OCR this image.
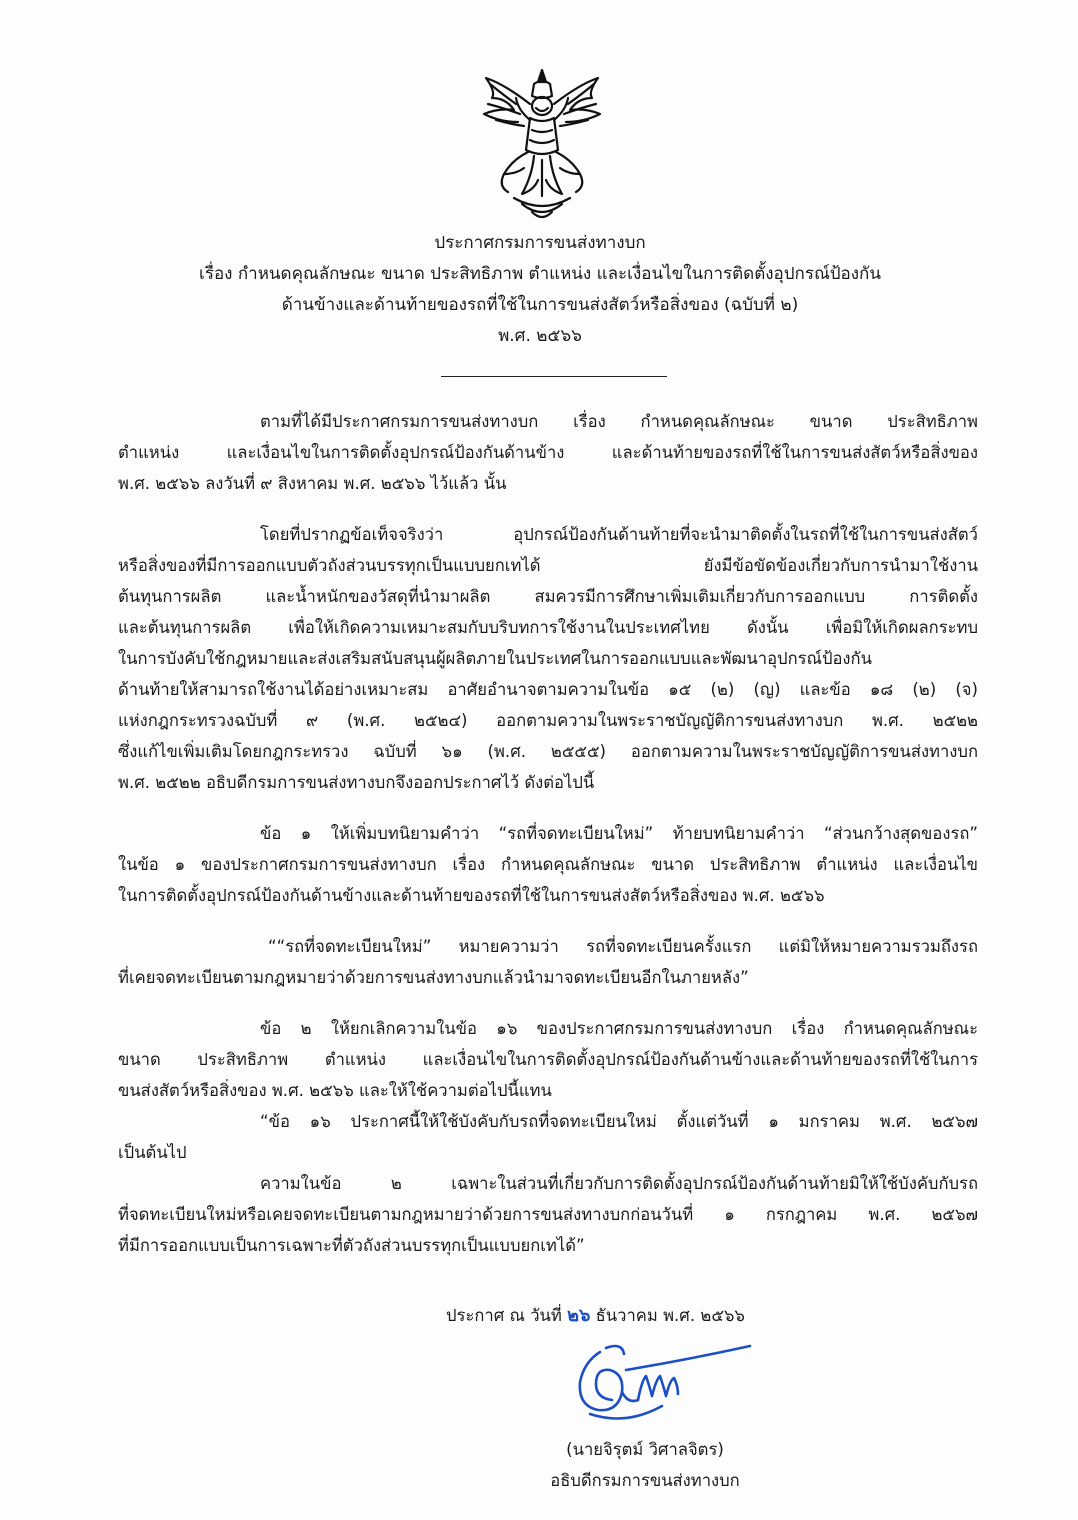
ประกาศกรมการขนส่งทางบก
เรื่อง กำหนดคุณลักษณะ ขนาด ประสิทธิภาพ ตำแหน่ง และเงื่อนไขในการติดตั้งอุปกรณ์ป้องกัน
ด้านข้างและด้านท้ายของรถที่ใช้ในการขนส่งสัตว์หรือสิ่งของ (ฉบับที่ ๒)
พ.ศ. ๒๕๖๖
ตามที่ได้มีประกาศกรมการขนส่งทางบก เรื่อง กำหนดคุณลักษณะ ขนาด ประสิทธิภาพ
ตำแหน่ง และเงื่อนไขในการติดตั้งอุปกรณ์ป้องกันด้านข้าง และด้านท้ายของรถที่ใช้ในการขนส่งสัตว์หรือสิ่งของ
พ.ศ. ๒๕๖๖ ลงวันที่ ๙ สิงหาคม พ.ศ. ๒๕๖๖ ไว้แล้ว นั้น
โดยที่ปรากฏข้อเท็จจริงว่า อุปกรณ์ป้องกันด้านท้ายที่จะนำมาติดตั้งในรถที่ใช้ในการขนส่งสัตว์
หรือสิ่งของที่มีการออกแบบตัวถังส่วนบรรทุกเป็นแบบยกเทได้ ยังมีข้อขัดข้องเกี่ยวกับการนำมาใช้งาน
ต้นทุนการผลิต และน้ำหนักของวัสดุที่นำมาผลิต สมควรมีการศึกษาเพิ่มเติมเกี่ยวกับการออกแบบ การติดตั้ง
และต้นทุนการผลิต เพื่อให้เกิดความเหมาะสมกับบริบทการใช้งานในประเทศไทย ดังนั้น เพื่อมิให้เกิดผลกระทบ
ในการบังคับใช้กฎหมายและส่งเสริมสนับสนุนผู้ผลิตภายในประเทศในการออกแบบและพัฒนาอุปกรณ์ป้องกัน
ด้านท้ายให้สามารถใช้งานได้อย่างเหมาะสม อาศัยอำนาจตามความในข้อ ๑๕ (๒) (ญ) และข้อ ๑๘ (๒) (จ)
แห่งกฎกระทรวงฉบับที่ ๙ (พ.ศ. ๒๕๒๔) ออกตามความในพระราชบัญญัติการขนส่งทางบก พ.ศ. ๒๕๒๒
ซึ่งแก้ไขเพิ่มเติมโดยกฎกระทรวง ฉบับที่ ๖๑ (พ.ศ. ๒๕๕๕) ออกตามความในพระราชบัญญัติการขนส่งทางบก
พ.ศ. ๒๕๒๒ อธิบดีกรมการขนส่งทางบกจึงออกประกาศไว้ ดังต่อไปนี้
ข้อ ๑ ให้เพิ่มบทนิยามคำว่า “รถที่จดทะเบียนใหม่” ท้ายบทนิยามคำว่า “ส่วนกว้างสุดของรถ”
ในข้อ ๑ ของประกาศกรมการขนส่งทางบก เรื่อง กำหนดคุณลักษณะ ขนาด ประสิทธิภาพ ตำแหน่ง และเงื่อนไข
ในการติดตั้งอุปกรณ์ป้องกันด้านข้างและด้านท้ายของรถที่ใช้ในการขนส่งสัตว์หรือสิ่งของ พ.ศ. ๒๕๖๖
““รถที่จดทะเบียนใหม่” หมายความว่า รถที่จดทะเบียนครั้งแรก แต่มิให้หมายความรวมถึงรถ
ที่เคยจดทะเบียนตามกฎหมายว่าด้วยการขนส่งทางบกแล้วนำมาจดทะเบียนอีกในภายหลัง”
ข้อ ๒ ให้ยกเลิกความในข้อ ๑๖ ของประกาศกรมการขนส่งทางบก เรื่อง กำหนดคุณลักษณะ
ขนาด ประสิทธิภาพ ตำแหน่ง และเงื่อนไขในการติดตั้งอุปกรณ์ป้องกันด้านข้างและด้านท้ายของรถที่ใช้ในการ
ขนส่งสัตว์หรือสิ่งของ พ.ศ. ๒๕๖๖ และให้ใช้ความต่อไปนี้แทน
“ข้อ ๑๖ ประกาศนี้ให้ใช้บังคับกับรถที่จดทะเบียนใหม่ ตั้งแต่วันที่ ๑ มกราคม พ.ศ. ๒๕๖๗
เป็นต้นไป
ความในข้อ ๒ เฉพาะในส่วนที่เกี่ยวกับการติดตั้งอุปกรณ์ป้องกันด้านท้ายมิให้ใช้บังคับกับรถ
ที่จดทะเบียนใหม่หรือเคยจดทะเบียนตามกฎหมายว่าด้วยการขนส่งทางบกก่อนวันที่ ๑ กรกฎาคม พ.ศ. ๒๕๖๗
ที่มีการออกแบบเป็นการเฉพาะที่ตัวถังส่วนบรรทุกเป็นแบบยกเทได้”
ประกาศ ณ วันที่ ๒๖ ธันวาคม พ.ศ. ๒๕๖๖
(นายจิรุตม์ วิศาลจิตร)
อธิบดีกรมการขนส่งทางบก
